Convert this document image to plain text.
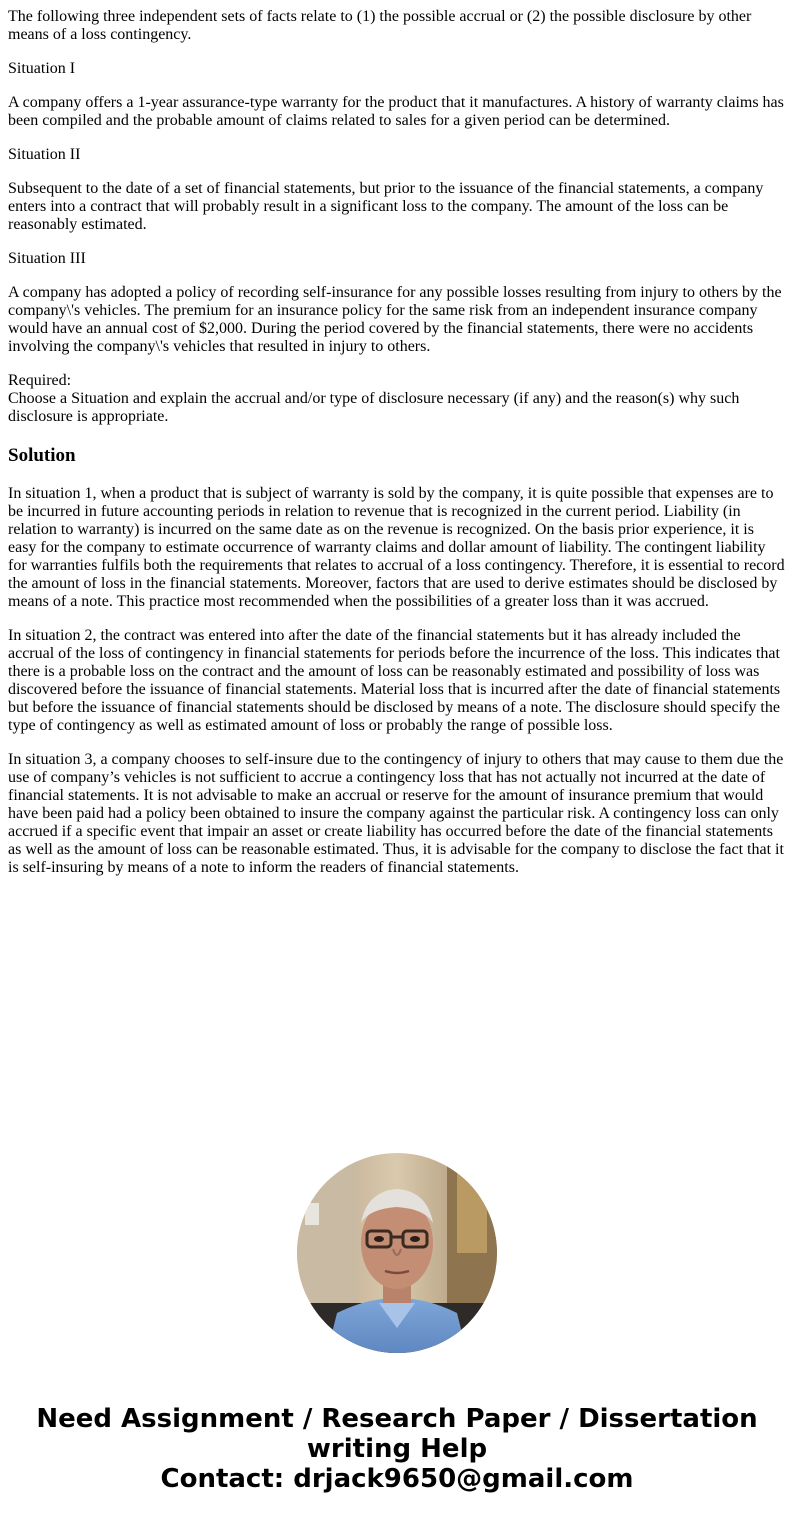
The following three independent sets of facts relate to (1) the possible accrual or (2) the possible disclosure by other means of a loss contingency.

Situation I

A company offers a 1-year assurance-type warranty for the product that it manufactures. A history of warranty claims has been compiled and the probable amount of claims related to sales for a given period can be determined.

Situation II

Subsequent to the date of a set of financial statements, but prior to the issuance of the financial statements, a company enters into a contract that will probably result in a significant loss to the company. The amount of the loss can be reasonably estimated.

Situation III

A company has adopted a policy of recording self-insurance for any possible losses resulting from injury to others by the company\'s vehicles. The premium for an insurance policy for the same risk from an independent insurance company would have an annual cost of $2,000. During the period covered by the financial statements, there were no accidents involving the company\'s vehicles that resulted in injury to others.

Required:
Choose a Situation and explain the accrual and/or type of disclosure necessary (if any) and the reason(s) why such disclosure is appropriate.

Solution

In situation 1, when a product that is subject of warranty is sold by the company, it is quite possible that expenses are to be incurred in future accounting periods in relation to revenue that is recognized in the current period. Liability (in relation to warranty) is incurred on the same date as on the revenue is recognized. On the basis prior experience, it is easy for the company to estimate occurrence of warranty claims and dollar amount of liability. The contingent liability for warranties fulfils both the requirements that relates to accrual of a loss contingency. Therefore, it is essential to record the amount of loss in the financial statements. Moreover, factors that are used to derive estimates should be disclosed by means of a note. This practice most recommended when the possibilities of a greater loss than it was accrued.

In situation 2, the contract was entered into after the date of the financial statements but it has already included the accrual of the loss of contingency in financial statements for periods before the incurrence of the loss. This indicates that there is a probable loss on the contract and the amount of loss can be reasonably estimated and possibility of loss was discovered before the issuance of financial statements. Material loss that is incurred after the date of financial statements but before the issuance of financial statements should be disclosed by means of a note. The disclosure should specify the type of contingency as well as estimated amount of loss or probably the range of possible loss.

In situation 3, a company chooses to self-insure due to the contingency of injury to others that may cause to them due the use of company’s vehicles is not sufficient to accrue a contingency loss that has not actually not incurred at the date of financial statements. It is not advisable to make an accrual or reserve for the amount of insurance premium that would have been paid had a policy been obtained to insure the company against the particular risk. A contingency loss can only accrued if a specific event that impair an asset or create liability has occurred before the date of the financial statements as well as the amount of loss can be reasonable estimated. Thus, it is advisable for the company to disclose the fact that it is self-insuring by means of a note to inform the readers of financial statements.

Need Assignment / Research Paper / Dissertation
writing Help
Contact: drjack9650@gmail.com
